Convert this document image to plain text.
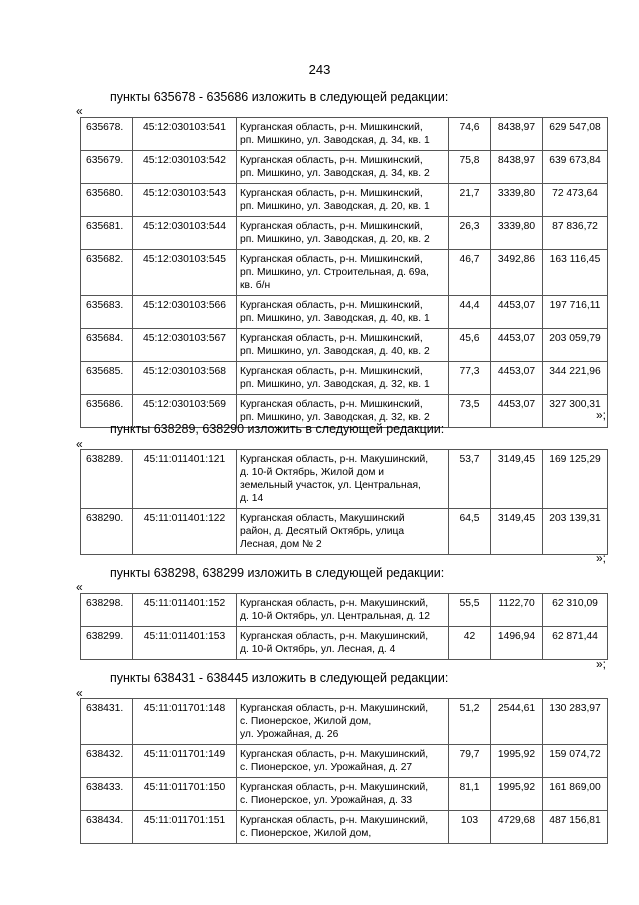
243
пункты 635678 - 635686 изложить в следующей редакции:
«
635678.	45:12:030103:541	Курганская область, р-н. Мишкинский,
рп. Мишкино, ул. Заводская, д. 34, кв. 1	74,6	8438,97	629 547,08
635679.	45:12:030103:542	Курганская область, р-н. Мишкинский,
рп. Мишкино, ул. Заводская, д. 34, кв. 2	75,8	8438,97	639 673,84
635680.	45:12:030103:543	Курганская область, р-н. Мишкинский,
рп. Мишкино, ул. Заводская, д. 20, кв. 1	21,7	3339,80	72 473,64
635681.	45:12:030103:544	Курганская область, р-н. Мишкинский,
рп. Мишкино, ул. Заводская, д. 20, кв. 2	26,3	3339,80	87 836,72
635682.	45:12:030103:545	Курганская область, р-н. Мишкинский,
рп. Мишкино, ул. Строительная, д. 69а,
кв. б/н	46,7	3492,86	163 116,45
635683.	45:12:030103:566	Курганская область, р-н. Мишкинский,
рп. Мишкино, ул. Заводская, д. 40, кв. 1	44,4	4453,07	197 716,11
635684.	45:12:030103:567	Курганская область, р-н. Мишкинский,
рп. Мишкино, ул. Заводская, д. 40, кв. 2	45,6	4453,07	203 059,79
635685.	45:12:030103:568	Курганская область, р-н. Мишкинский,
рп. Мишкино, ул. Заводская, д. 32, кв. 1	77,3	4453,07	344 221,96
635686.	45:12:030103:569	Курганская область, р-н. Мишкинский,
рп. Мишкино, ул. Заводская, д. 32, кв. 2	73,5	4453,07	327 300,31
»;
пункты 638289, 638290 изложить в следующей редакции:
«
638289.	45:11:011401:121	Курганская область, р-н. Макушинский,
д. 10-й Октябрь, Жилой дом и
земельный участок, ул. Центральная,
д. 14	53,7	3149,45	169 125,29
638290.	45:11:011401:122	Курганская область, Макушинский
район, д. Десятый Октябрь, улица
Лесная, дом № 2	64,5	3149,45	203 139,31
»;
пункты 638298, 638299 изложить в следующей редакции:
«
638298.	45:11:011401:152	Курганская область, р-н. Макушинский,
д. 10-й Октябрь, ул. Центральная, д. 12	55,5	1122,70	62 310,09
638299.	45:11:011401:153	Курганская область, р-н. Макушинский,
д. 10-й Октябрь, ул. Лесная, д. 4	42	1496,94	62 871,44
»;
пункты 638431 - 638445 изложить в следующей редакции:
«
638431.	45:11:011701:148	Курганская область, р-н. Макушинский,
с. Пионерское, Жилой дом,
ул. Урожайная, д. 26	51,2	2544,61	130 283,97
638432.	45:11:011701:149	Курганская область, р-н. Макушинский,
с. Пионерское, ул. Урожайная, д. 27	79,7	1995,92	159 074,72
638433.	45:11:011701:150	Курганская область, р-н. Макушинский,
с. Пионерское, ул. Урожайная, д. 33	81,1	1995,92	161 869,00
638434.	45:11:011701:151	Курганская область, р-н. Макушинский,
с. Пионерское, Жилой дом,	103	4729,68	487 156,81
